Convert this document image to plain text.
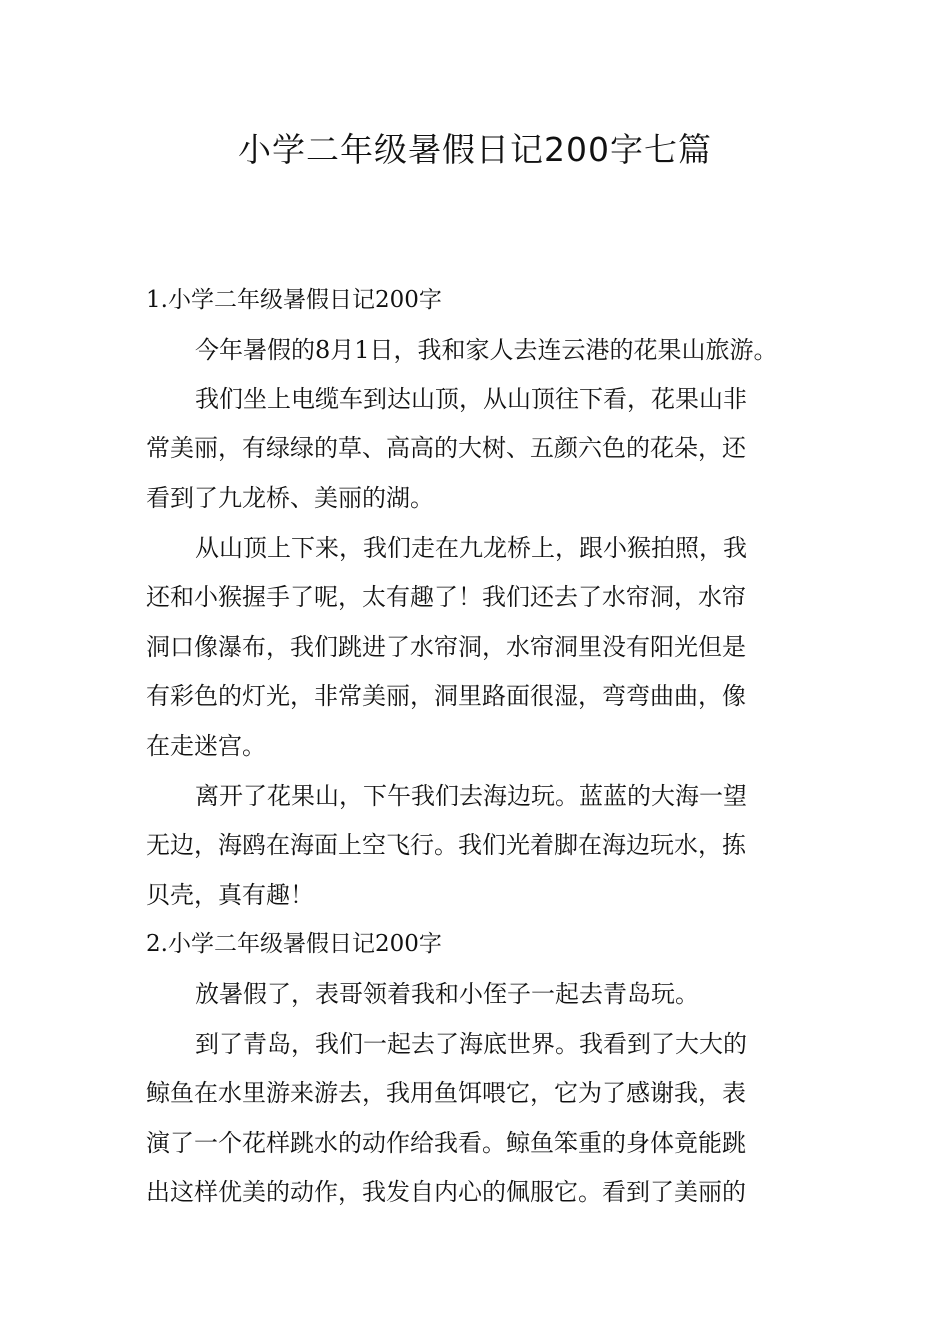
小学二年级暑假日记200字七篇
1.小学二年级暑假日记200字
今年暑假的8月1日，我和家人去连云港的花果山旅游。
我们坐上电缆车到达山顶，从山顶往下看，花果山非
常美丽，有绿绿的草、高高的大树、五颜六色的花朵，还
看到了九龙桥、美丽的湖。
从山顶上下来，我们走在九龙桥上，跟小猴拍照，我
还和小猴握手了呢，太有趣了！我们还去了水帘洞，水帘
洞口像瀑布，我们跳进了水帘洞，水帘洞里没有阳光但是
有彩色的灯光，非常美丽，洞里路面很湿，弯弯曲曲，像
在走迷宫。
离开了花果山，下午我们去海边玩。蓝蓝的大海一望
无边，海鸥在海面上空飞行。我们光着脚在海边玩水，拣
贝壳，真有趣！
2.小学二年级暑假日记200字
放暑假了，表哥领着我和小侄子一起去青岛玩。
到了青岛，我们一起去了海底世界。我看到了大大的
鲸鱼在水里游来游去，我用鱼饵喂它，它为了感谢我，表
演了一个花样跳水的动作给我看。鲸鱼笨重的身体竟能跳
出这样优美的动作，我发自内心的佩服它。看到了美丽的
